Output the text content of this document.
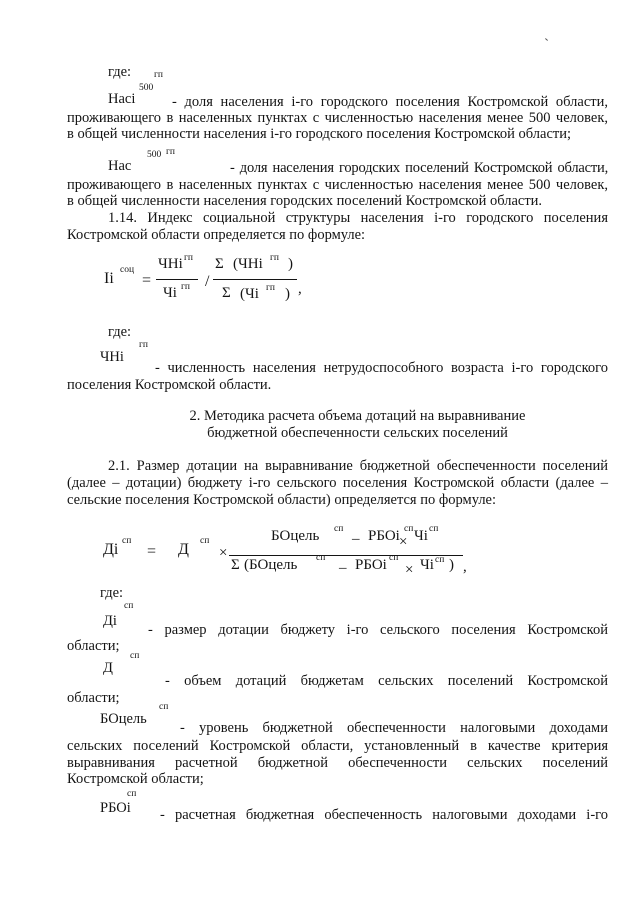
где: гп
500
Насi	- доля населения i-го городского поселения Костромской области,
проживающего в населенных пунктах с численностью населения менее 500 человек,
в общей численности населения i-го городского поселения Костромской области;
500 гп
Нас	- доля населения городских поселений Костромской области,
проживающего в населенных пунктах с численностью населения менее 500 человек,
в общей численности населения городских поселений Костромской области.
1.14. Индекс социальной структуры населения i-го городского поселения
Костромской области определяется по формуле:
Ii соц
=
ЧНi гп
Чi гп /
Σ (ЧНi гп )
Σ (Чi гп ) ,
где:
гп
ЧНi
- численность населения нетрудоспособного возраста i-го городского
поселения Костромской области.
2. Методика расчета объема дотаций на выравнивание
бюджетной обеспеченности сельских поселений
2.1. Размер дотации на выравнивание бюджетной обеспеченности поселений
(далее – дотации) бюджету i-го сельского поселения Костромской области (далее –
сельские поселения Костромской области) определяется по формуле:
Дi сп
= Д сп
×
БОцель сп
– РБОi сп
× Чi сп
Σ (БОцель сп
– РБОi сп
× Чi сп ) ,
где:
сп
Дi
- размер дотации бюджету i-го сельского поселения Костромской
области;
сп
Д
- объем дотаций бюджетам сельских поселений Костромской
области;
сп
БОцель
- уровень бюджетной обеспеченности налоговыми доходами
сельских поселений Костромской области, установленный в качестве критерия
выравнивания расчетной бюджетной обеспеченности сельских поселений
Костромской области;
сп
РБОi - расчетная бюджетная обеспеченность налоговыми доходами i-го
